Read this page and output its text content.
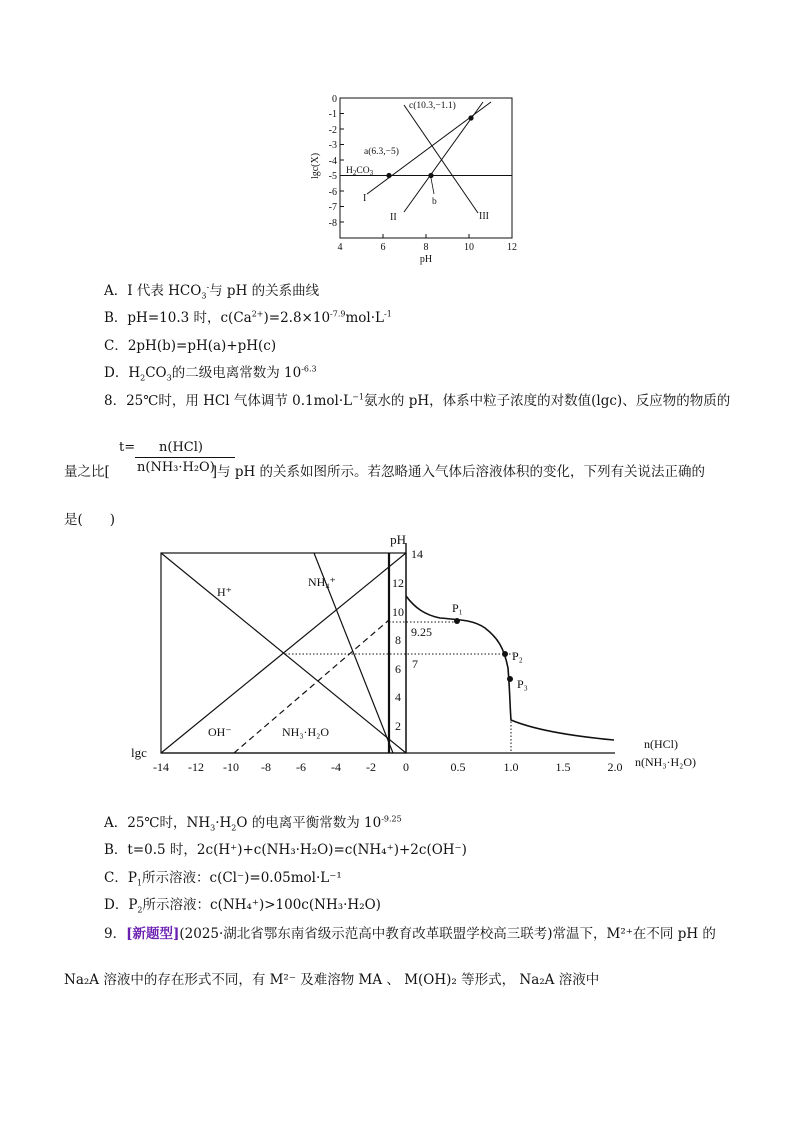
0
-1
-2
-3
-4
-5
-6
-7
-8
4	6	8	10	12
pH
lgc(X)
c(10.3,−1.1)
a(6.3,−5)
$H_2CO_3$
b
I
II	III
A．I 代表 $HCO_3^-$与 pH 的关系曲线
B．pH=10.3 时，$c(Ca^{2+})=2.8\times 10^{-7.9}mol\cdot L^{-1}$
C．2pH(b)=pH(a)+pH(c)
D．$H_2CO_3$的二级电离常数为 $10^{-6.3}$
8．25℃时，用 HCl 气体调节 $0.1mol\cdot L^{-1}$氨水的 pH，体系中粒子浓度的对数值(lgc)、反应物的物质的
t= n(HCl)
n(NH₃·H₂O)
量之比[	]与 pH 的关系如图所示。若忽略通入气体后溶液体积的变化，下列有关说法正确的
是(　　)
pH
14
12
10
8
6
4
2
9.25
7
H⁺
NH₄⁺
OH⁻	NH₃·H₂O
P₁
P₂
P₃
lgc
-14 -12 -10 -8 -6 -4 -2 0	0.5	1.0	1.5	2.0
n(HCl)
n(NH₃·H₂O)
A．25℃时，$NH_3\cdot H_2O$ 的电离平衡常数为 $10^{-9.25}$
B．t=0.5 时，2c(H⁺)+c(NH₃·H₂O)=c(NH₄⁺)+2c(OH⁻)
C．$P_1$所示溶液：c(Cl⁻)=0.05mol·L⁻¹
D．$P_2$所示溶液：c(NH₄⁺)>100c(NH₃·H₂O)
9．[新题型](2025·湖北省鄂东南省级示范高中教育改革联盟学校高三联考)常温下，M²⁺在不同 pH 的
Na₂A 溶液中的存在形式不同，有 M²⁻ 及难溶物 MA 、 M(OH)₂ 等形式， Na₂A 溶液中
